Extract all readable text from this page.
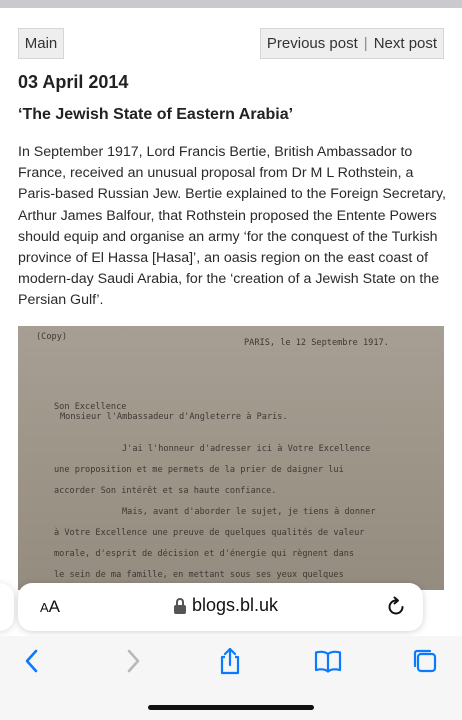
Main	Previous post | Next post
03 April 2014
‘The Jewish State of Eastern Arabia’
In September 1917, Lord Francis Bertie, British Ambassador to France, received an unusual proposal from Dr M L Rothstein, a Paris-based Russian Jew. Bertie explained to the Foreign Secretary, Arthur James Balfour, that Rothstein proposed the Entente Powers should equip and organise an army ‘for the conquest of the Turkish province of El Hassa [Hasa]’, an oasis region on the east coast of modern-day Saudi Arabia, for the ‘creation of a Jewish State on the Persian Gulf’.
(Copy)
PARIS, le 12 Septembre 1917.
Son Excellence
Monsieur l'Ambassadeur d'Angleterre à Paris.
J'ai l'honneur d'adresser ici à Votre Excellence
une proposition et me permets de la prier de daigner lui
accorder Son intérêt et sa haute confiance.
Mais, avant d'aborder le sujet, je tiens à donner
à Votre Excellence une preuve de quelques qualités de valeur
morale, d'esprit de décision et d'énergie qui règnent dans
le sein de ma famille, en mettant sous ses yeux quelques
AA	blogs.bl.uk
